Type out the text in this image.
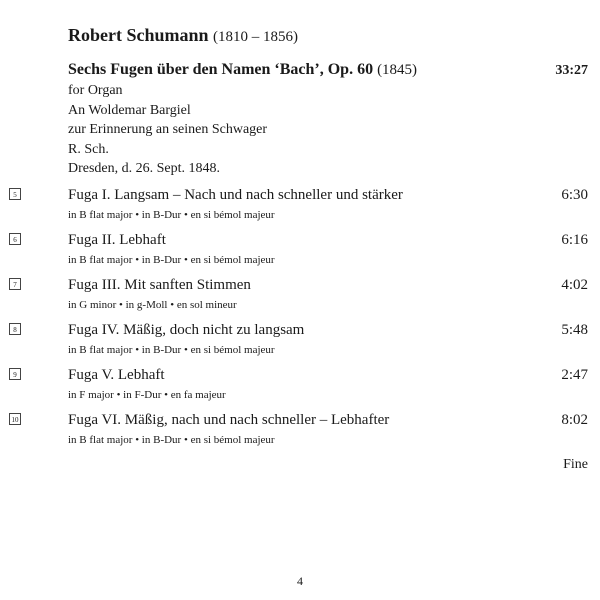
Robert Schumann (1810 – 1856)
Sechs Fugen über den Namen ‘Bach’, Op. 60 (1845)	33:27
for Organ
An Woldemar Bargiel
zur Erinnerung an seinen Schwager
R. Sch.
Dresden, d. 26. Sept. 1848.
5	Fuga I. Langsam – Nach und nach schneller und stärker	6:30
in B flat major • in B-Dur • en si bémol majeur
6	Fuga II. Lebhaft	6:16
in B flat major • in B-Dur • en si bémol majeur
7	Fuga III. Mit sanften Stimmen	4:02
in G minor • in g-Moll • en sol mineur
8	Fuga IV. Mäßig, doch nicht zu langsam	5:48
in B flat major • in B-Dur • en si bémol majeur
9	Fuga V. Lebhaft	2:47
in F major • in F-Dur • en fa majeur
10	Fuga VI. Mäßig, nach und nach schneller – Lebhafter	8:02
in B flat major • in B-Dur • en si bémol majeur
Fine
4
